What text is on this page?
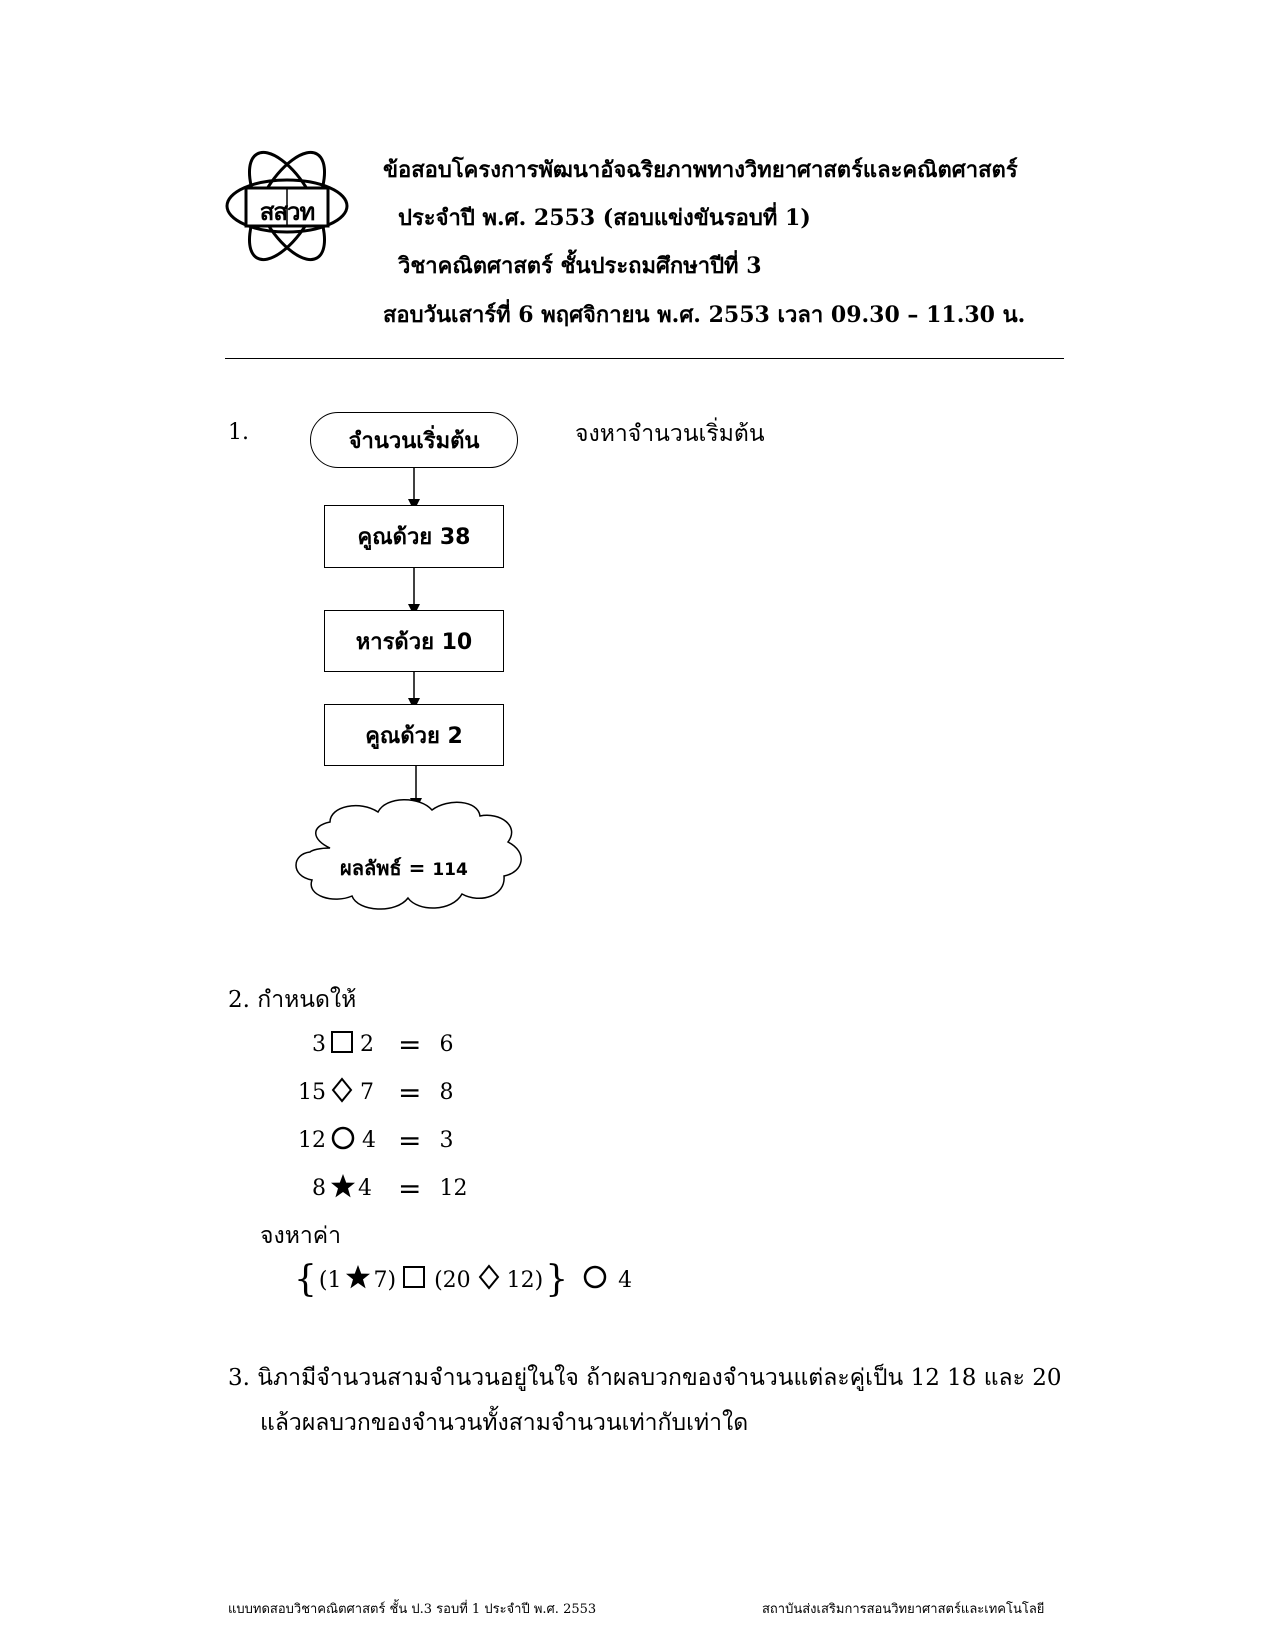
สสวท
ข้อสอบโครงการพัฒนาอัจฉริยภาพทางวิทยาศาสตร์และคณิตศาสตร์
ประจำปี พ.ศ. 2553 (สอบแข่งขันรอบที่ 1)
วิชาคณิตศาสตร์ ชั้นประถมศึกษาปีที่ 3
สอบวันเสาร์ที่ 6 พฤศจิกายน พ.ศ. 2553 เวลา 09.30 – 11.30 น.
1.	จงหาจำนวนเริ่มต้น
จำนวนเริ่มต้น
คูณด้วย 38
หารด้วย 10
คูณด้วย 2
ผลลัพธ์ = 114
2. กำหนดให้
3 2 = 6
15 7 = 8
12 4 = 3
8 4 = 12
จงหาค่า
{ (1 7) (20 12) } 4
3. นิภามีจำนวนสามจำนวนอยู่ในใจ ถ้าผลบวกของจำนวนแต่ละคู่เป็น 12 18 และ 20
แล้วผลบวกของจำนวนทั้งสามจำนวนเท่ากับเท่าใด
แบบทดสอบวิชาคณิตศาสตร์ ชั้น ป.3 รอบที่ 1 ประจำปี พ.ศ. 2553	สถาบันส่งเสริมการสอนวิทยาศาสตร์และเทคโนโลยี
